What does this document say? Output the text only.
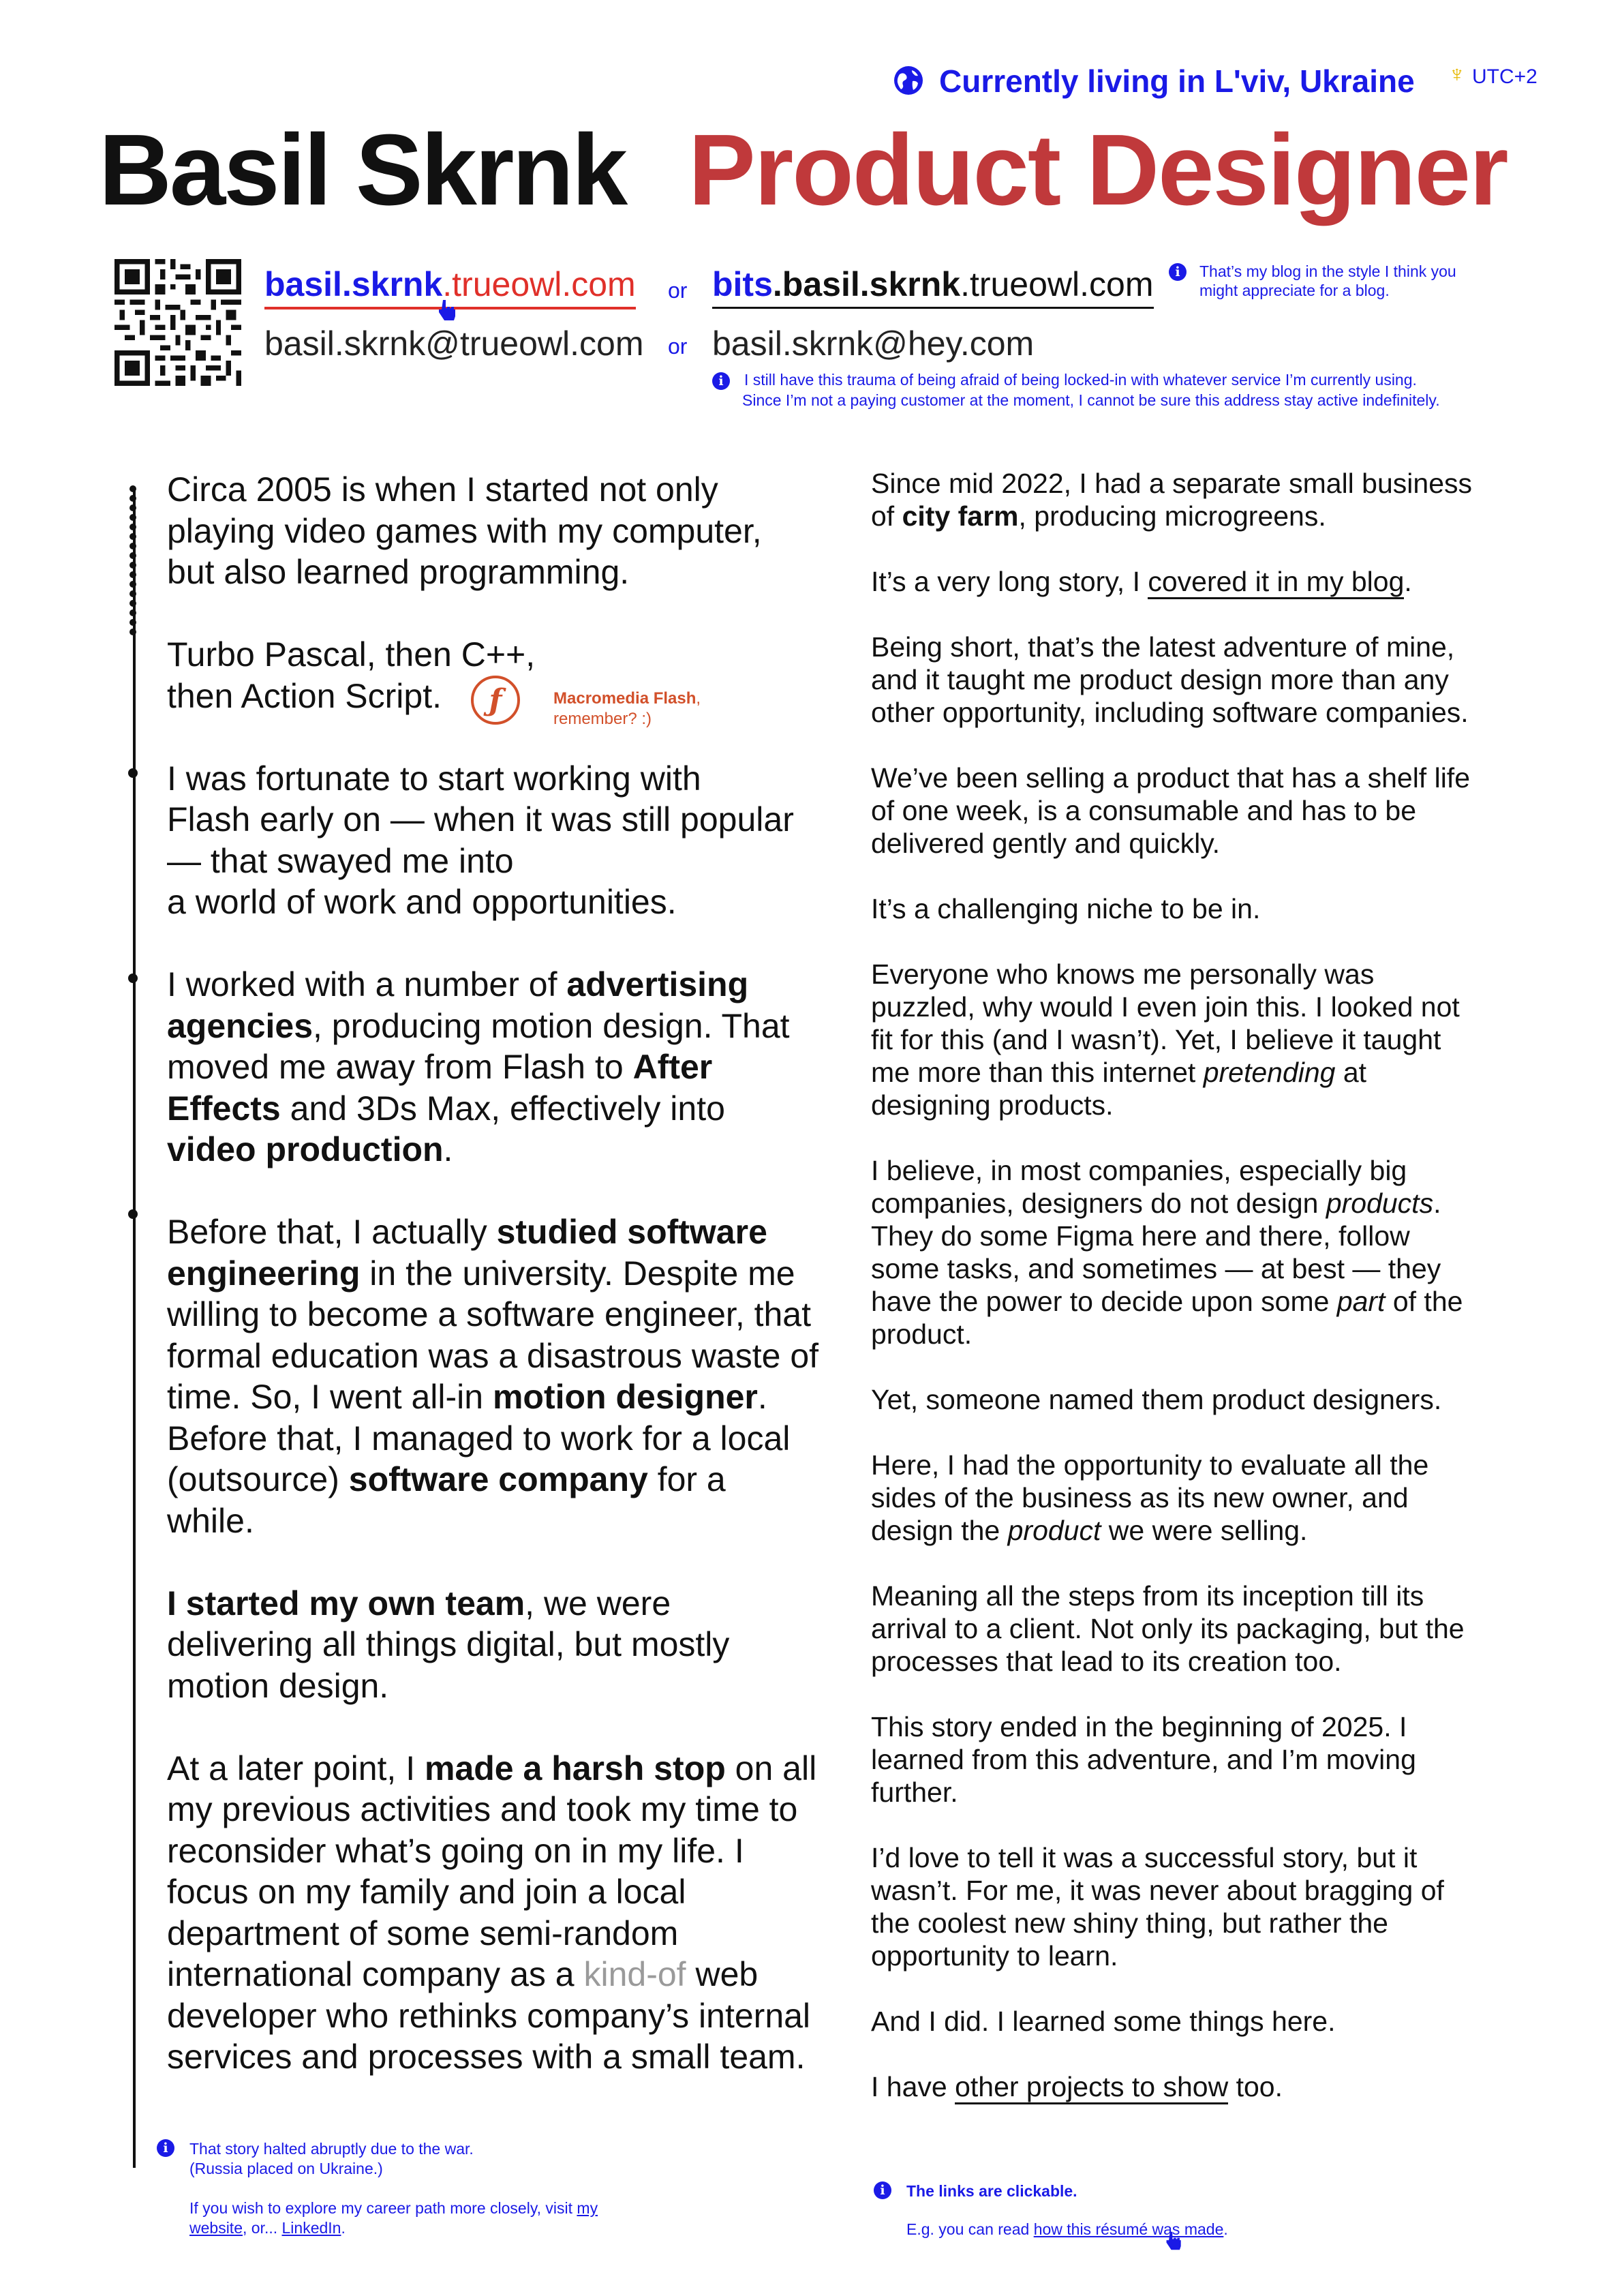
Currently living in Lʹviv, Ukraine ♆ UTC+2
Basil Skrnk Product Designer
basil.skrnk.trueowl.com or bits.basil.skrnk.trueowl.com	i	That’s my blog in the style I think you might appreciate for a blog.
basil.skrnk@trueowl.com or basil.skrnk@hey.com
i	I still have this trauma of being afraid of being locked-in with whatever service I’m currently using.
Since I’m not a paying customer at the moment, I cannot be sure this address stay active indefinitely.

Circa 2005 is when I started not only
playing video games with my computer,
but also learned programming.

Turbo Pascal, then C++,
then Action Script.

I was fortunate to start working with
Flash early on — when it was still popular
— that swayed me into
a world of work and opportunities.

I worked with a number of advertising agencies, producing motion design. That moved me away from Flash to After Effects and 3Ds Max, effectively into video production.

Before that, I actually studied software engineering in the university. Despite me willing to become a software engineer, that formal education was a disastrous waste of time. So, I went all-in motion designer. Before that, I managed to work for a local (outsource) software company for a while.

I started my own team, we were delivering all things digital, but mostly motion design.

At a later point, I made a harsh stop on all my previous activities and took my time to reconsider what’s going on in my life. I focus on my family and join a local department of some semi-random international company as a kind-of web developer who rethinks company’s internal services and processes with a small team.

ƒ	Macromedia Flash,
remember? :)
i	That story halted abruptly due to the war.
(Russia placed on Ukraine.)

If you wish to explore my career path more closely, visit my website, or... LinkedIn.

Since mid 2022, I had a separate small business of city farm, producing microgreens.

It’s a very long story, I covered it in my blog.

Being short, that’s the latest adventure of mine, and it taught me product design more than any other opportunity, including software companies.

We’ve been selling a product that has a shelf life of one week, is a consumable and has to be delivered gently and quickly.

It’s a challenging niche to be in.

Everyone who knows me personally was puzzled, why would I even join this. I looked not fit for this (and I wasn’t). Yet, I believe it taught me more than this internet pretending at designing products.

I believe, in most companies, especially big companies, designers do not design products. They do some Figma here and there, follow some tasks, and sometimes — at best — they have the power to decide upon some part of the product.

Yet, someone named them product designers.

Here, I had the opportunity to evaluate all the sides of the business as its new owner, and design the product we were selling.

Meaning all the steps from its inception till its arrival to a client. Not only its packaging, but the processes that lead to its creation too.

This story ended in the beginning of 2025. I learned from this adventure, and I’m moving further.

I’d love to tell it was a successful story, but it wasn’t. For me, it was never about bragging of the coolest new shiny thing, but rather the opportunity to learn.

And I did. I learned some things here.

I have other projects to show too.

i	The links are clickable.
E.g. you can read how this résumé was made.
